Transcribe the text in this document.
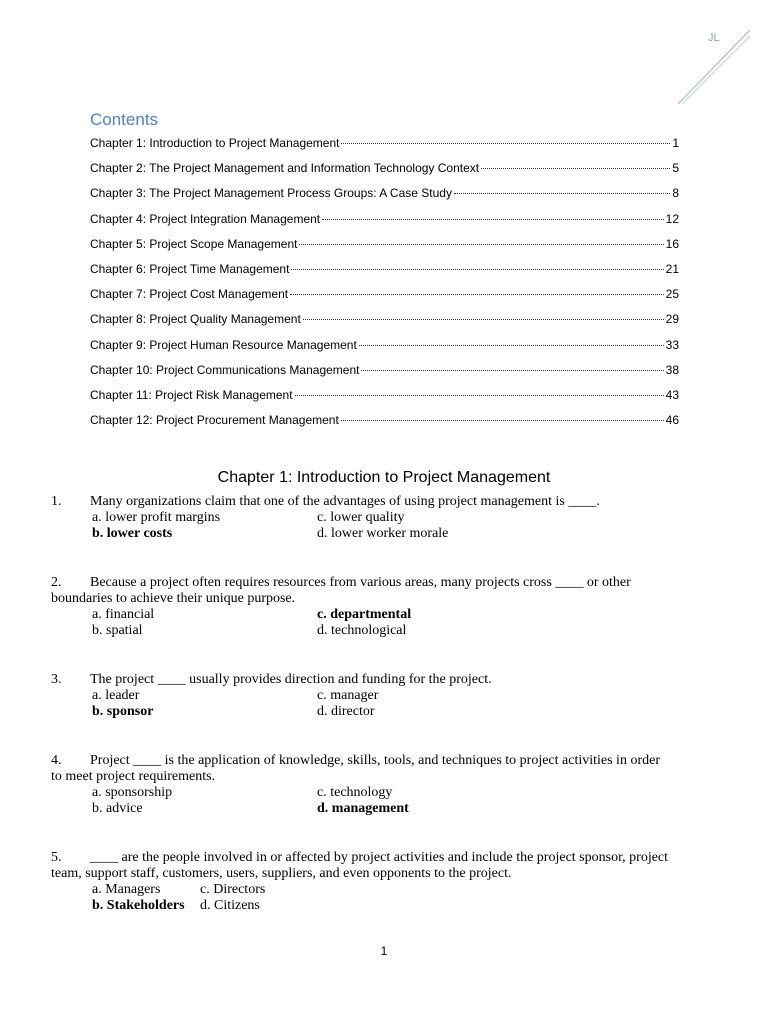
JL
Contents
Chapter 1: Introduction to Project Management	1
Chapter 2: The Project Management and Information Technology Context	5
Chapter 3: The Project Management Process Groups: A Case Study	8
Chapter 4: Project Integration Management	12
Chapter 5: Project Scope Management	16
Chapter 6: Project Time Management	21
Chapter 7: Project Cost Management	25
Chapter 8: Project Quality Management	29
Chapter 9: Project Human Resource Management	33
Chapter 10: Project Communications Management	38
Chapter 11: Project Risk Management	43
Chapter 12: Project Procurement Management	46
Chapter 1: Introduction to Project Management
1. Many organizations claim that one of the advantages of using project management is ____.
a. lower profit margins	c. lower quality
b. lower costs	d. lower worker morale
2. Because a project often requires resources from various areas, many projects cross ____ or other boundaries to achieve their unique purpose.
a. financial	c. departmental
b. spatial	d. technological
3. The project ____ usually provides direction and funding for the project.
a. leader	c. manager
b. sponsor	d. director
4. Project ____ is the application of knowledge, skills, tools, and techniques to project activities in order to meet project requirements.
a. sponsorship	c. technology
b. advice	d. management
5. ____ are the people involved in or affected by project activities and include the project sponsor, project team, support staff, customers, users, suppliers, and even opponents to the project.
a. Managers	c. Directors
b. Stakeholders	d. Citizens
1
